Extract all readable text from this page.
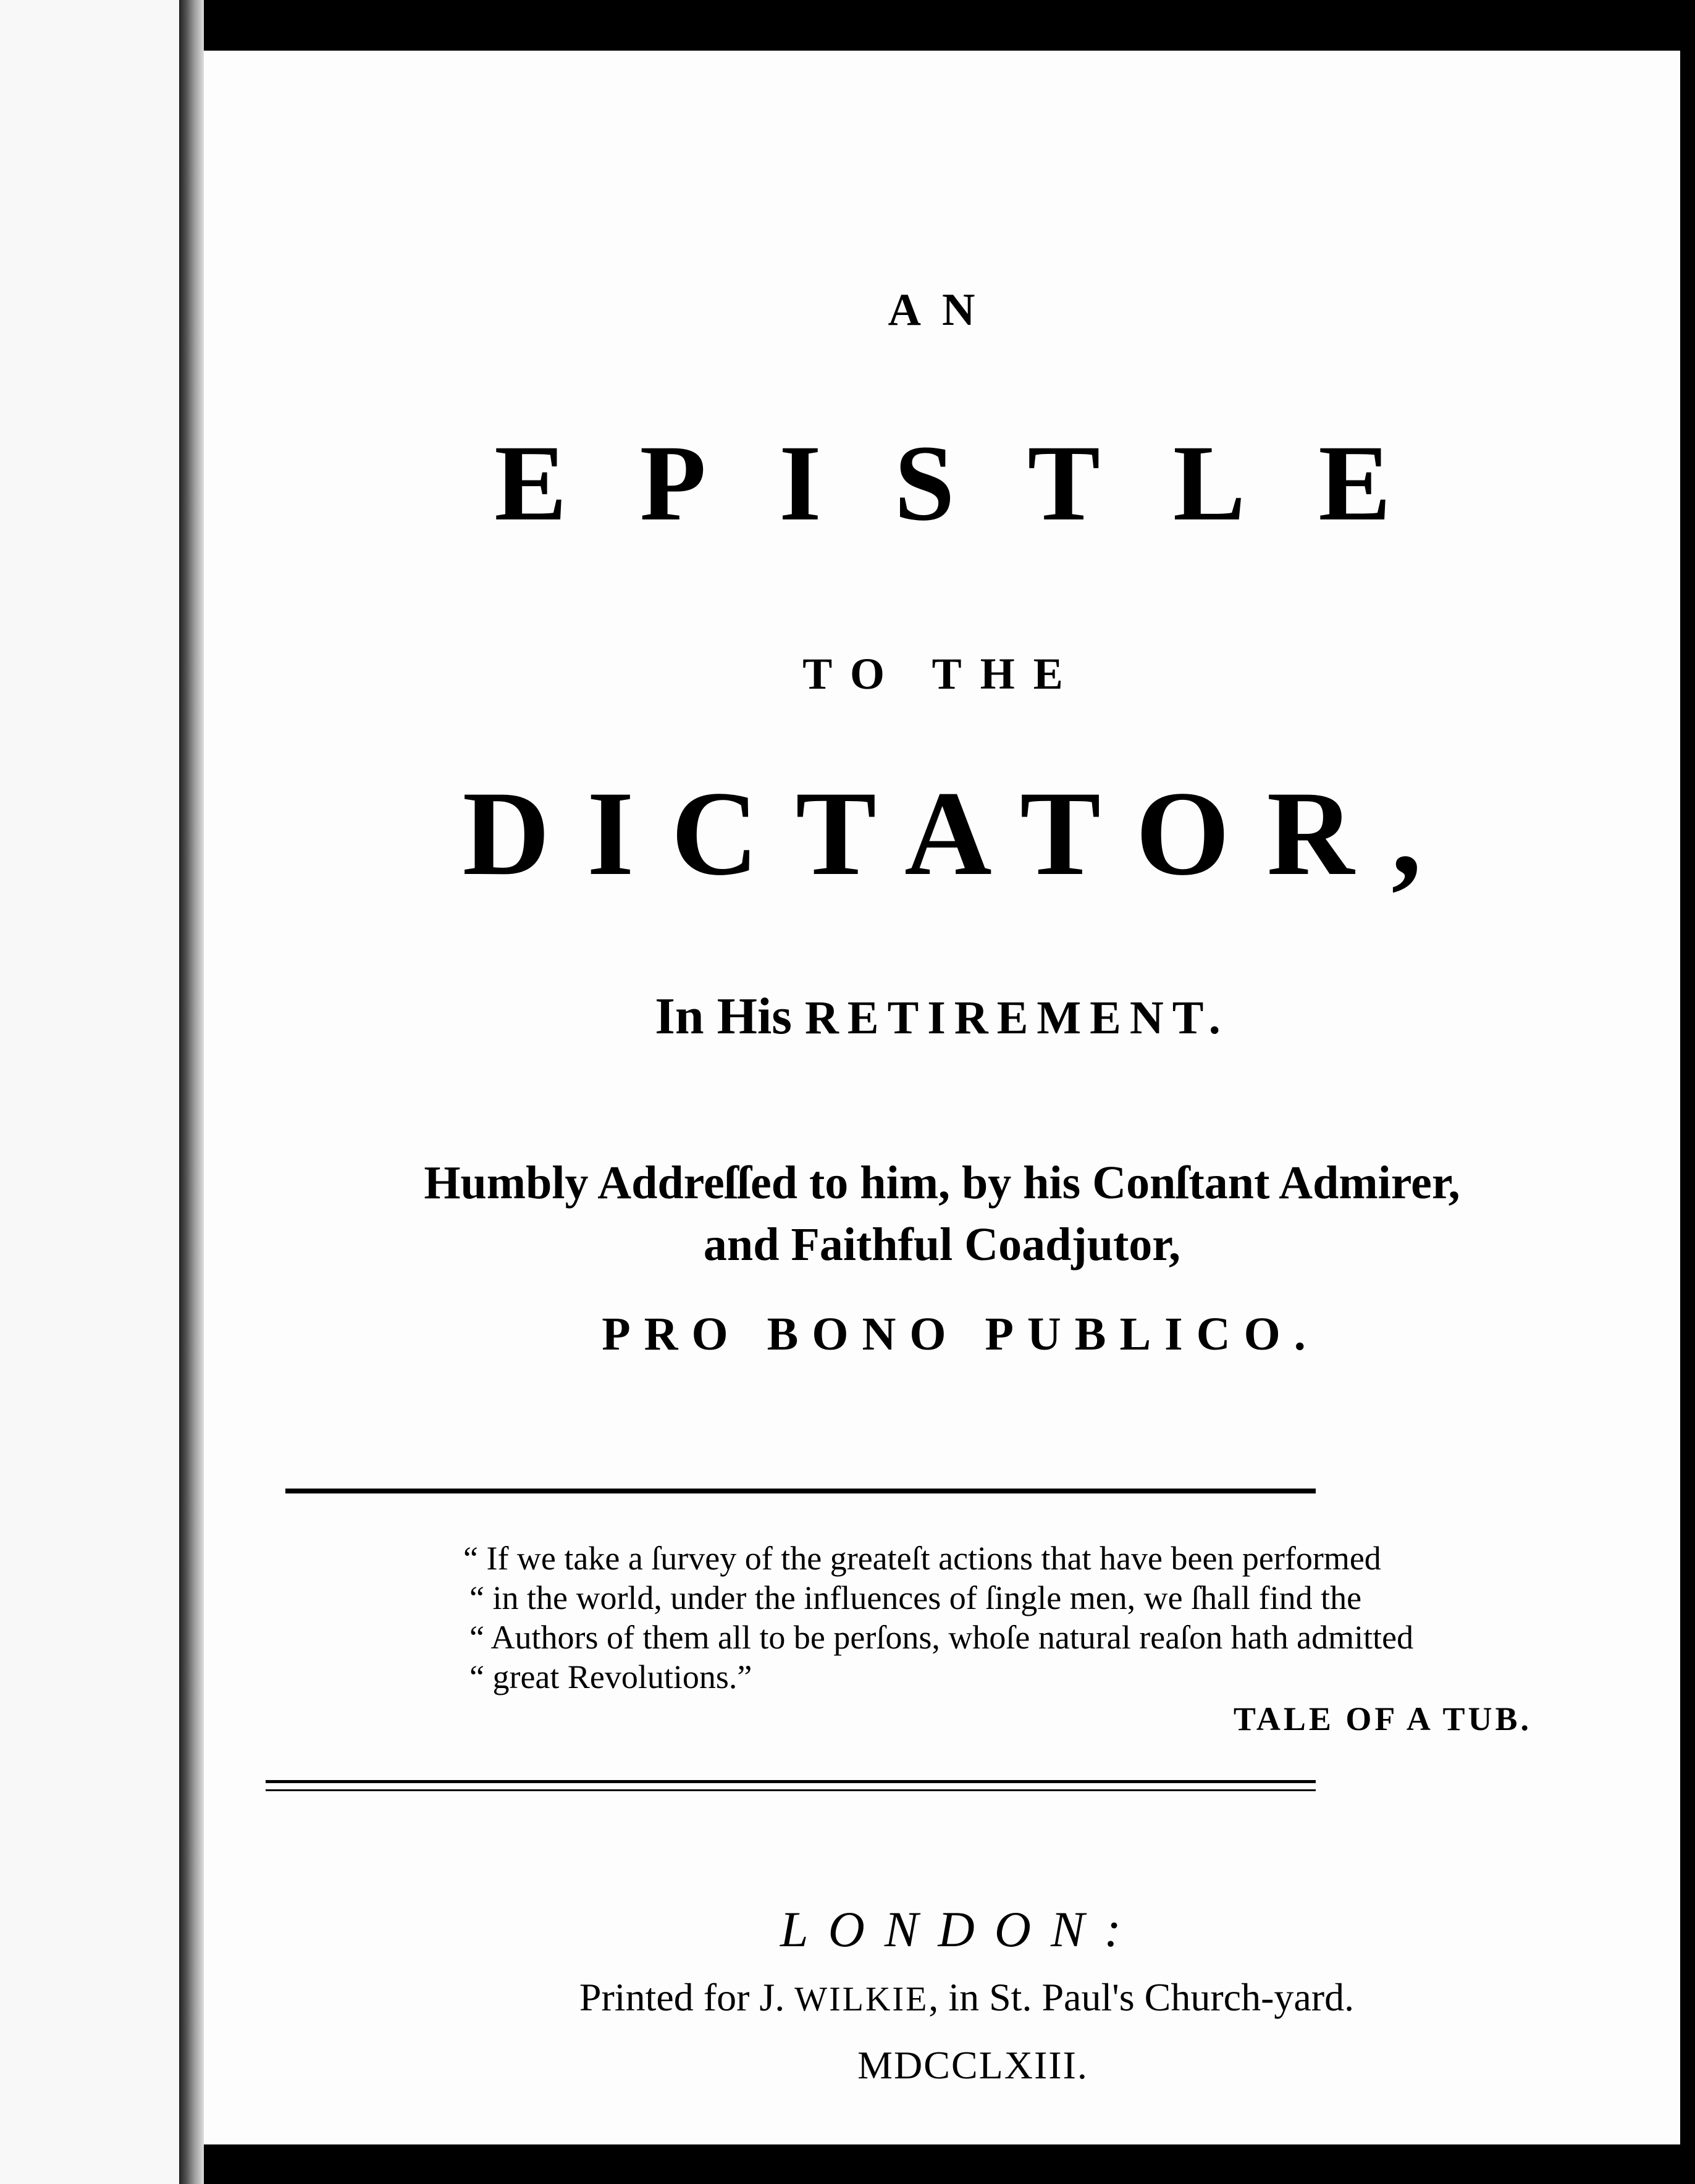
AN
EPISTLE
TO THE
DICTATOR,
In His RETIREMENT.
Humbly Addreſſed to him, by his Conſtant Admirer,
and Faithful Coadjutor,
PRO BONO PUBLICO.
“ If we take a ſurvey of the greateſt actions that have been performed
“ in the world, under the influences of ſingle men, we ſhall find the
“ Authors of them all to be perſons, whoſe natural reaſon hath admitted
“ great Revolutions.”
TALE OF A TUB.
LONDON:
Printed for J. WILKIE, in St. Paul's Church-yard.
MDCCLXIII.
